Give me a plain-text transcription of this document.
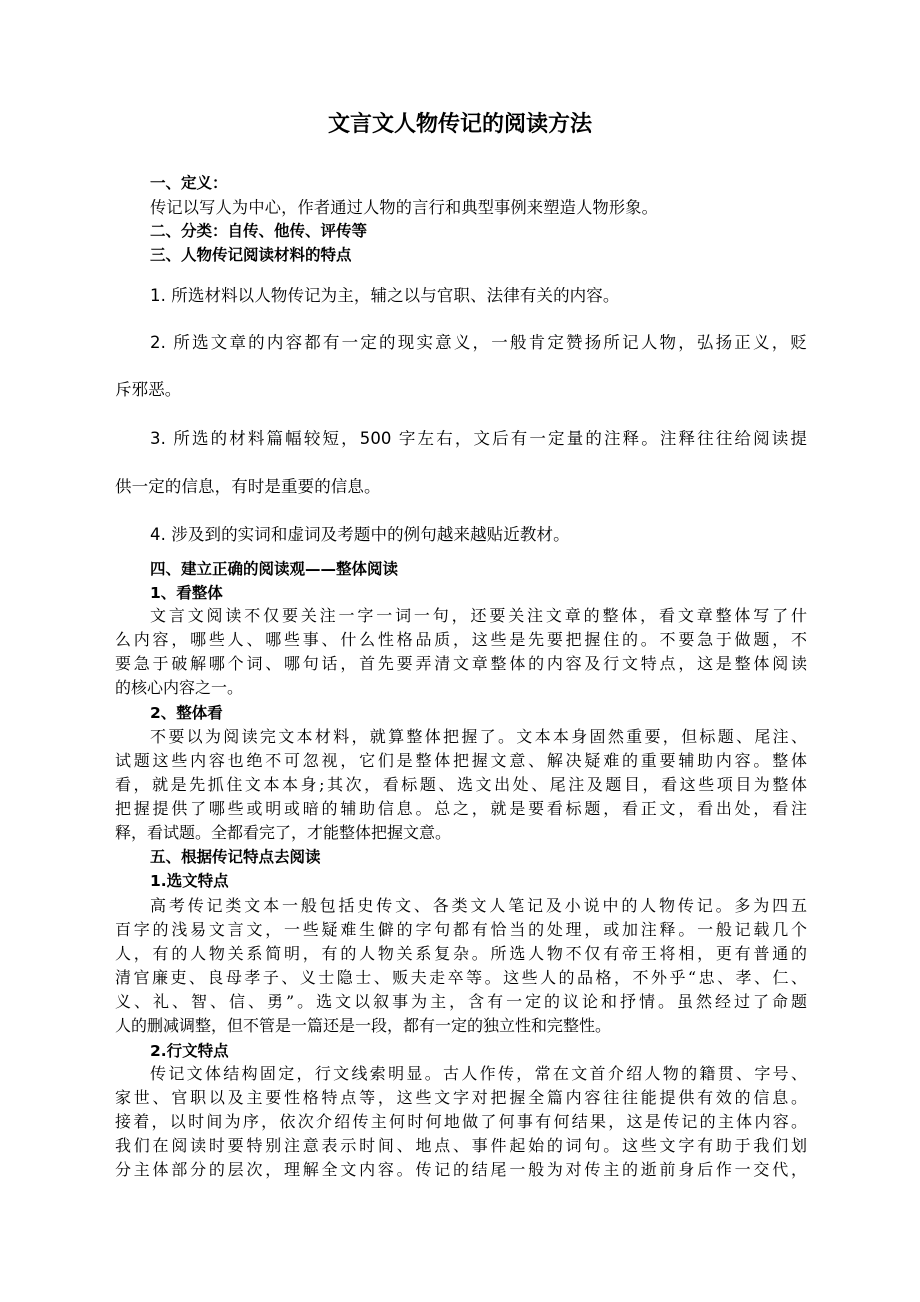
文言文人物传记的阅读方法
一、定义：
传记以写人为中心，作者通过人物的言行和典型事例来塑造人物形象。
二、分类：自传、他传、评传等
三、人物传记阅读材料的特点
1. 所选材料以人物传记为主，辅之以与官职、法律有关的内容。
2. 所选文章的内容都有一定的现实意义，一般肯定赞扬所记人物，弘扬正义，贬
斥邪恶。
3. 所选的材料篇幅较短，500 字左右，文后有一定量的注释。注释往往给阅读提
供一定的信息，有时是重要的信息。
4. 涉及到的实词和虚词及考题中的例句越来越贴近教材。
四、建立正确的阅读观——整体阅读
1、看整体
文言文阅读不仅要关注一字一词一句，还要关注文章的整体，看文章整体写了什
么内容，哪些人、哪些事、什么性格品质，这些是先要把握住的。不要急于做题，不
要急于破解哪个词、哪句话，首先要弄清文章整体的内容及行文特点，这是整体阅读
的核心内容之一。
2、整体看
不要以为阅读完文本材料，就算整体把握了。文本本身固然重要，但标题、尾注、
试题这些内容也绝不可忽视，它们是整体把握文意、解决疑难的重要辅助内容。整体
看，就是先抓住文本本身;其次，看标题、选文出处、尾注及题目，看这些项目为整体
把握提供了哪些或明或暗的辅助信息。总之，就是要看标题，看正文，看出处，看注
释，看试题。全都看完了，才能整体把握文意。
五、根据传记特点去阅读
1.选文特点
高考传记类文本一般包括史传文、各类文人笔记及小说中的人物传记。多为四五
百字的浅易文言文，一些疑难生僻的字句都有恰当的处理，或加注释。一般记载几个
人，有的人物关系简明，有的人物关系复杂。所选人物不仅有帝王将相，更有普通的
清官廉吏、良母孝子、义士隐士、贩夫走卒等。这些人的品格，不外乎“忠、孝、仁、
义、礼、智、信、勇”。选文以叙事为主，含有一定的议论和抒情。虽然经过了命题
人的删减调整，但不管是一篇还是一段，都有一定的独立性和完整性。
2.行文特点
传记文体结构固定，行文线索明显。古人作传，常在文首介绍人物的籍贯、字号、
家世、官职以及主要性格特点等，这些文字对把握全篇内容往往能提供有效的信息。
接着，以时间为序，依次介绍传主何时何地做了何事有何结果，这是传记的主体内容。
我们在阅读时要特别注意表示时间、地点、事件起始的词句。这些文字有助于我们划
分主体部分的层次，理解全文内容。传记的结尾一般为对传主的逝前身后作一交代，
